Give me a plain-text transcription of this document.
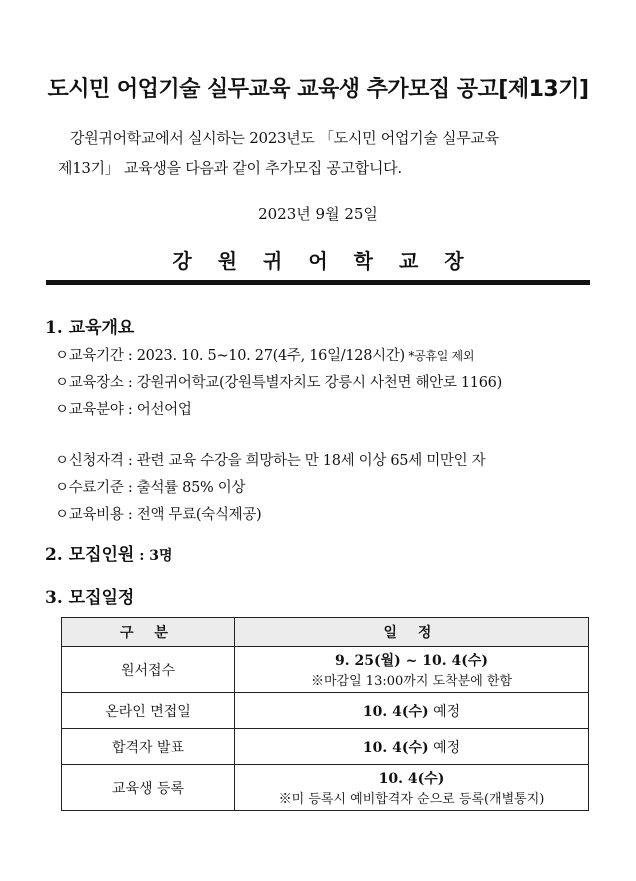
도시민 어업기술 실무교육 교육생 추가모집 공고[제13기]
강원귀어학교에서 실시하는 2023년도 「도시민 어업기술 실무교육
제13기」 교육생을 다음과 같이 추가모집 공고합니다.
2023년 9월 25일
강원귀어학교장
1. 교육개요
ㅇ교육기간 : 2023. 10. 5∼10. 27(4주, 16일/128시간) *공휴일 제외
ㅇ교육장소 : 강원귀어학교(강원특별자치도 강릉시 사천면 해안로 1166)
ㅇ교육분야 : 어선어업
ㅇ신청자격 : 관련 교육 수강을 희망하는 만 18세 이상 65세 미만인 자
ㅇ수료기준 : 출석률 85% 이상
ㅇ교육비용 : 전액 무료(숙식제공)
2. 모집인원 : 3명
3. 모집일정
구 분	일 정
원서접수	9. 25(월) ~ 10. 4(수)
※마감일 13:00까지 도착분에 한함

온라인 면접일	10. 4(수) 예정
합격자 발표	10. 4(수) 예정
교육생 등록	10. 4(수)
※미 등록시 예비합격자 순으로 등록(개별통지)
